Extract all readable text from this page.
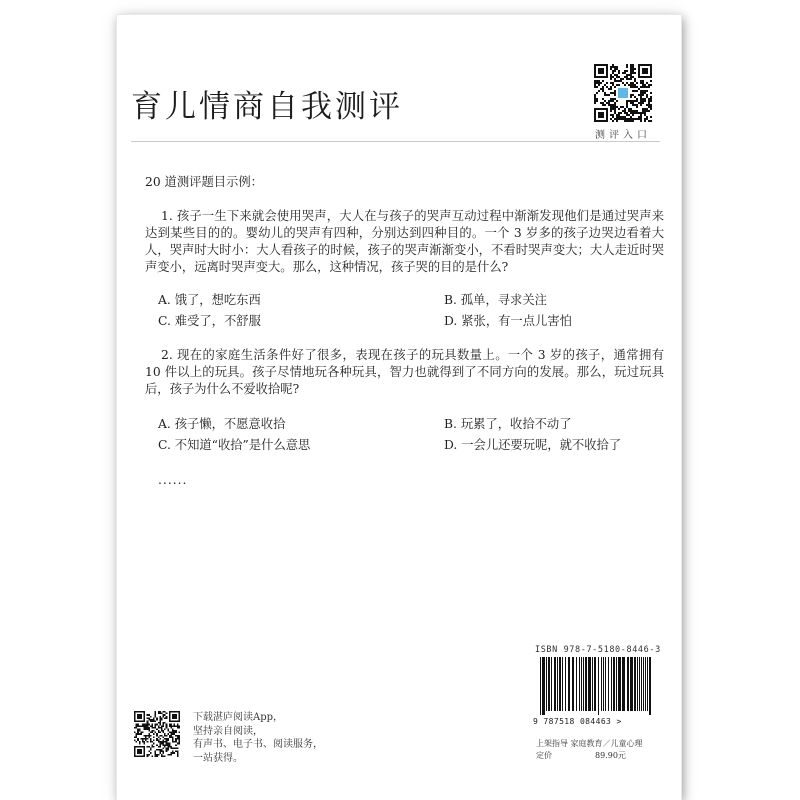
育儿情商自我测评
测评入口
20 道测评题目示例：
1. 孩子一生下来就会使用哭声，大人在与孩子的哭声互动过程中渐渐发现他们是通过哭声来达到某些目的的。婴幼儿的哭声有四种，分别达到四种目的。一个 3 岁多的孩子边哭边看着大人，哭声时大时小：大人看孩子的时候，孩子的哭声渐渐变小，不看时哭声变大；大人走近时哭声变小，远离时哭声变大。那么，这种情况，孩子哭的目的是什么?
A. 饿了，想吃东西	B. 孤单，寻求关注
C. 难受了，不舒服	D. 紧张，有一点儿害怕
2. 现在的家庭生活条件好了很多，表现在孩子的玩具数量上。一个 3 岁的孩子，通常拥有 10 件以上的玩具。孩子尽情地玩各种玩具，智力也就得到了不同方向的发展。那么，玩过玩具后，孩子为什么不爱收拾呢?
A. 孩子懒，不愿意收拾	B. 玩累了，收拾不动了
C. 不知道“收拾”是什么意思	D. 一会儿还要玩呢，就不收拾了
......
ISBN 978-7-5180-8446-3
9 787518 084463 >
上架指导 家庭教育／儿童心理
定价	89.90元
下载湛庐阅读App，
坚持亲自阅读，
有声书、电子书、阅读服务，
一站获得。
